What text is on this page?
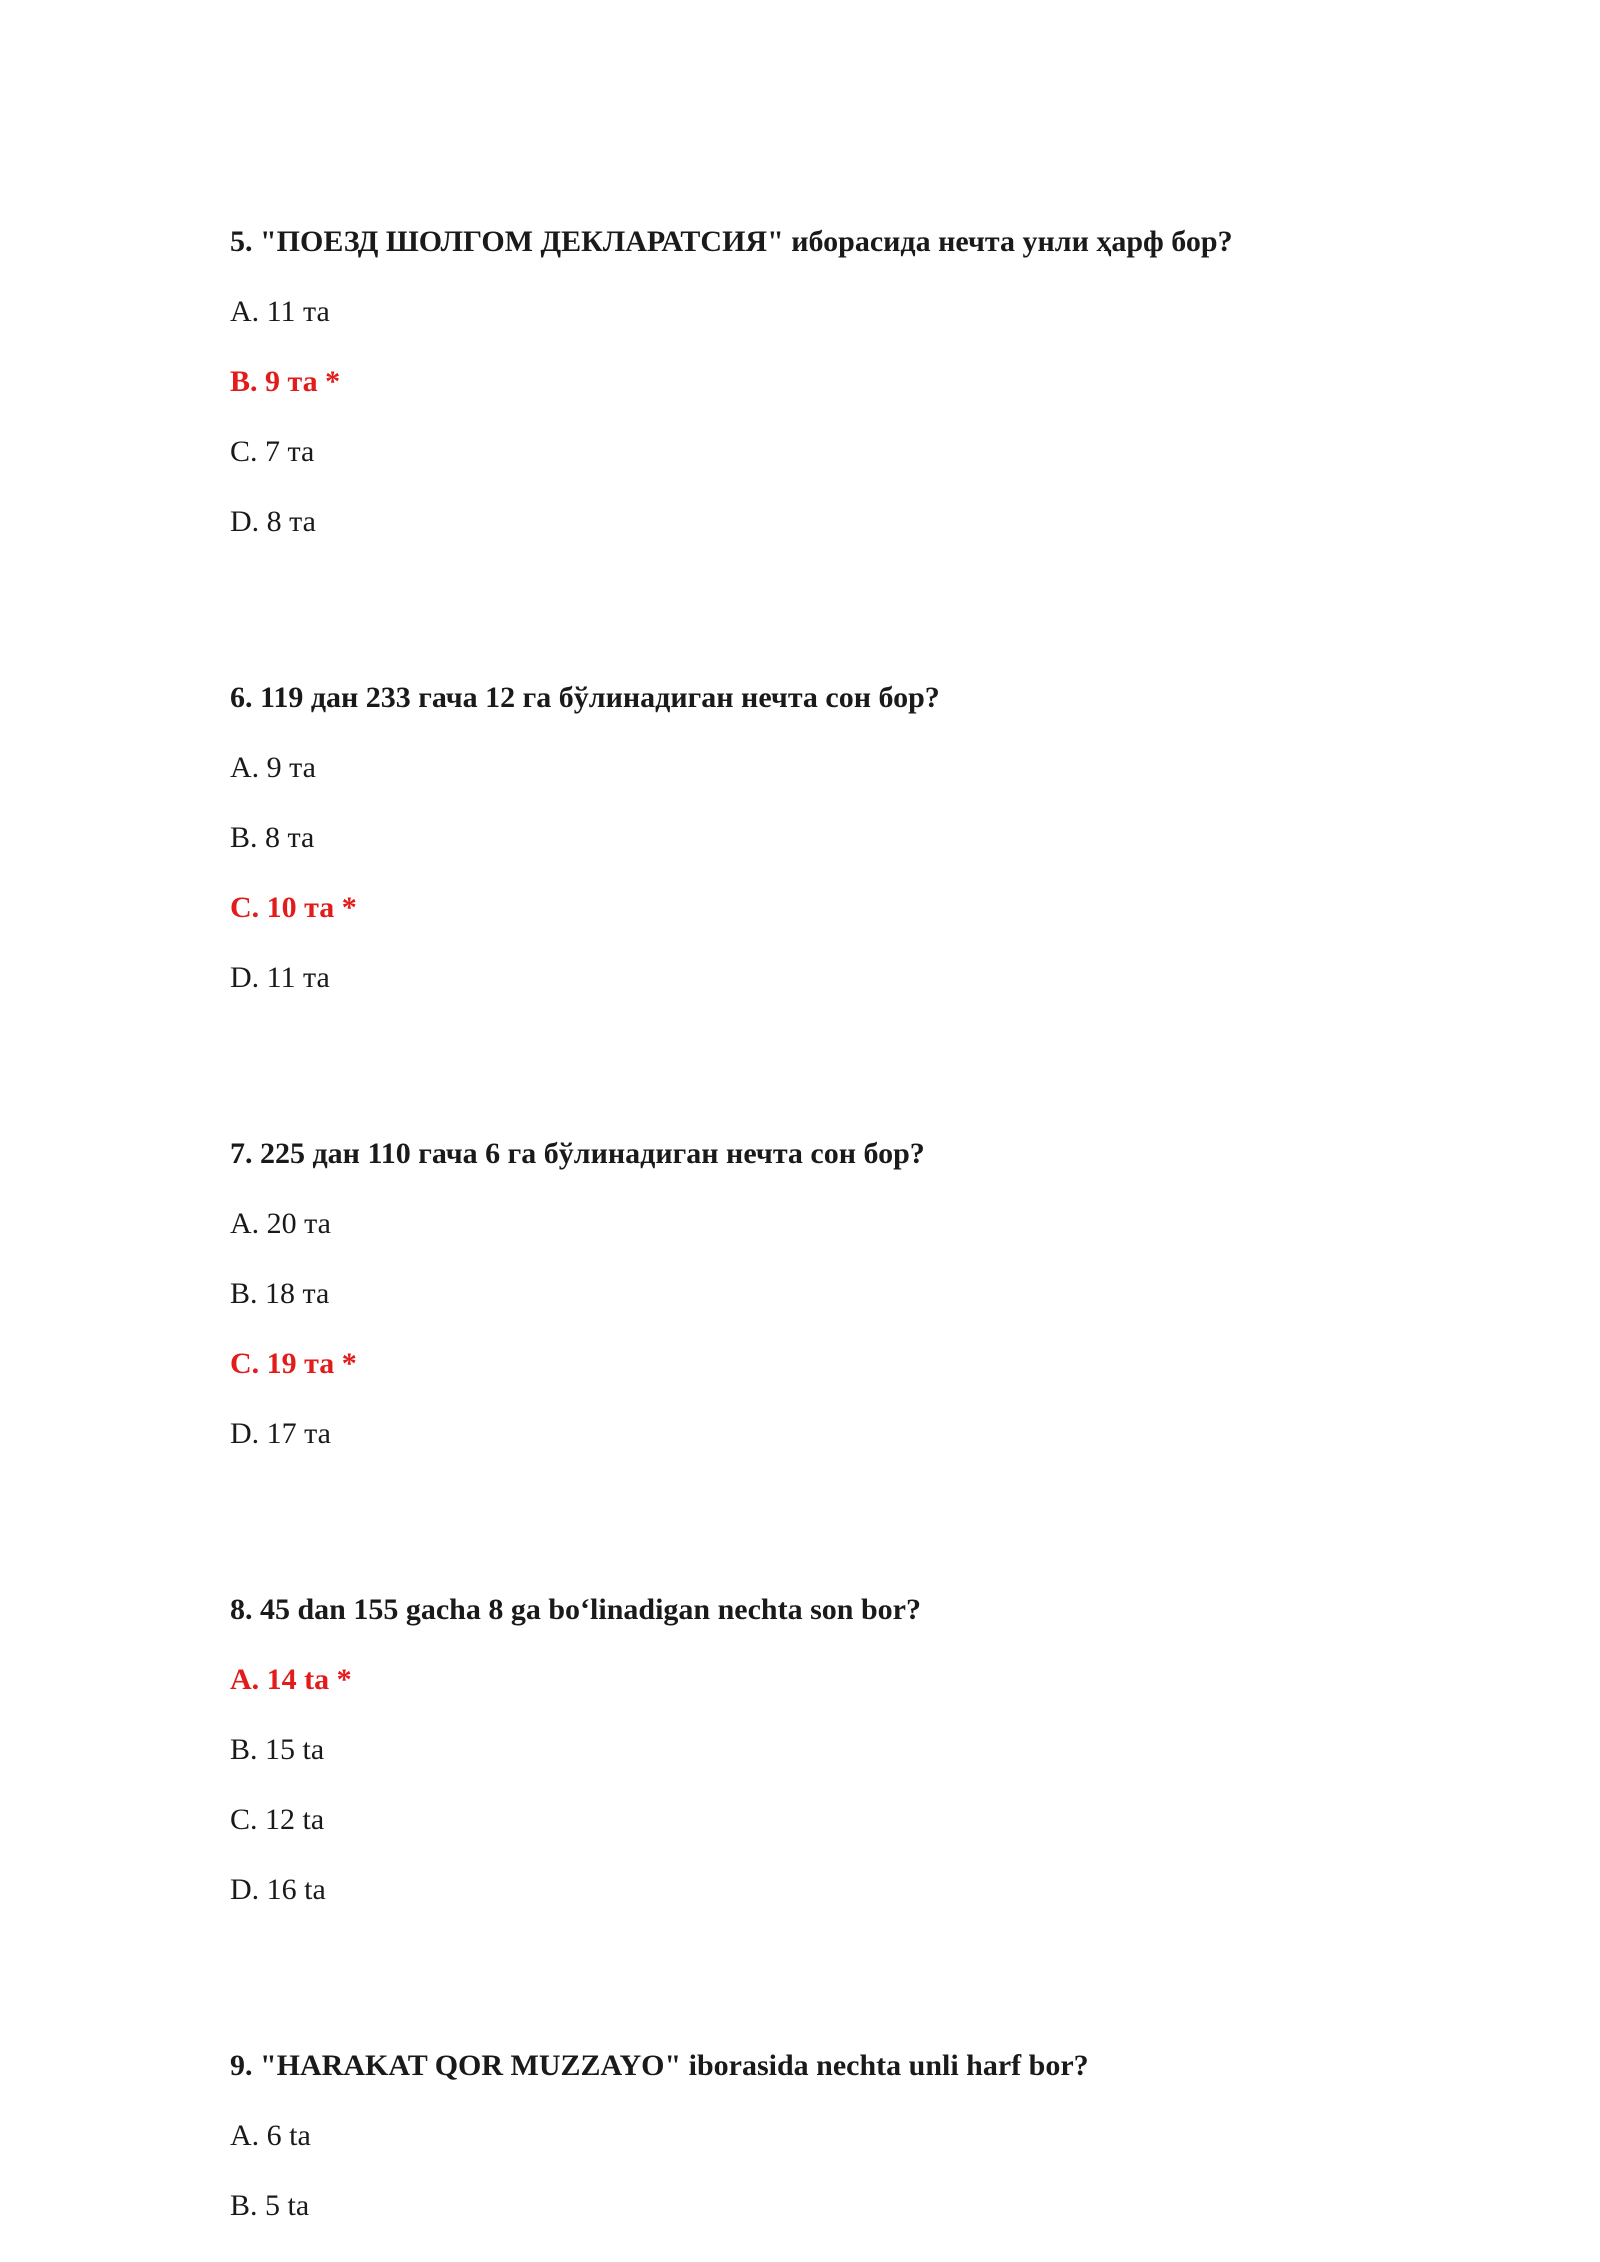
5. "ПОЕЗД ШОЛГОМ ДЕКЛАРАТСИЯ" иборасида нечта унли ҳарф бор?
A. 11 та
B. 9 та *
C. 7 та
D. 8 та
6. 119 дан 233 гача 12 га бўлинадиган нечта сон бор?
A. 9 та
B. 8 та
C. 10 та *
D. 11 та
7. 225 дан 110 гача 6 га бўлинадиган нечта сон бор?
A. 20 та
B. 18 та
C. 19 та *
D. 17 та
8. 45 dan 155 gacha 8 ga bo‘linadigan nechta son bor?
A. 14 ta *
B. 15 ta
C. 12 ta
D. 16 ta
9. "HARAKAT QOR MUZZAYO" iborasida nechta unli harf bor?
A. 6 ta
B. 5 ta
